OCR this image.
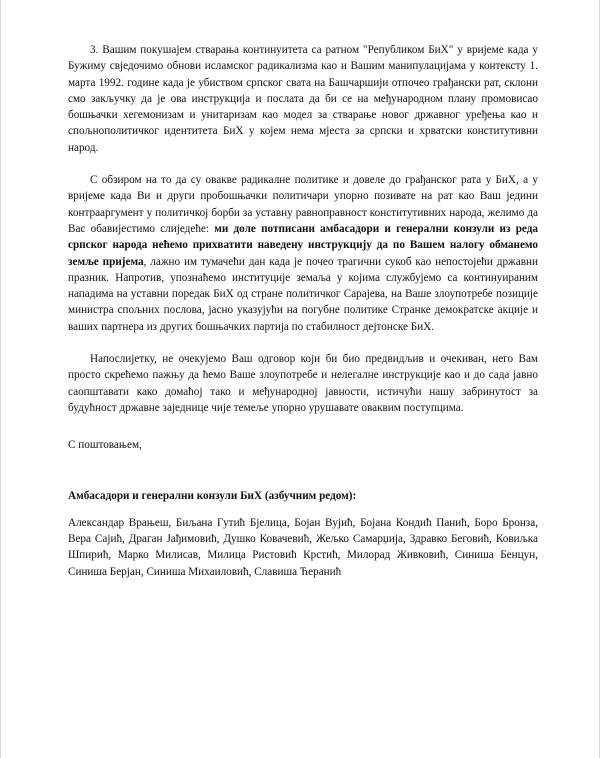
3. Вашим покушајем стварања континуитета са ратном "Републиком БиХ" у вријеме када у Бужиму свједочимо обнови исламског радикализма као и Вашим манипулацијама у контексту 1. марта 1992. године када је убиством српског свата на Башчаршији отпочео грађански рат, склони смо закључку да је ова инструкција и послата да би се на међународном плану промовисао бошњачки хегемонизам и унитаризам као модел за стварање новог државног уређења као и спољнополитичког идентитета БиХ у којем нема мјеста за српски и хрватски конститутивни народ.

С обзиром на то да су овакве радикалне политике и довеле до грађанског рата у БиХ, а у вријеме када Ви и други пробошњачки политичари упорно позивате на рат као Ваш једини контрааргумент у политичкој борби за уставну равноправност конститутивних народа, желимо да Вас обавијестимо слиједеће: ми доле потписани амбасадори и генерални конзули из реда српског народа нећемо прихватити наведену инструкцију да по Вашем налогу обманемо земље пријема, лажно им тумачећи дан када је почео трагични сукоб као непостојећи државни празник. Напротив, упознаћемо институције земаља у којима службујемо са континуираним нападима на уставни поредак БиХ од стране политичког Сарајева, на Ваше злоупотребе позиције министра спољних послова, јасно указујући на погубне политике Странке демократске акције и ваших партнера из других бошњачких партија по стабилност дејтонске БиХ.

Напослијетку, не очекујемо Ваш одговор који би био предвидљив и очекиван, него Вам просто скрећемо пажњу да ћемо Ваше злоупотребе и нелегалне инструкције као и до сада јавно саопштавати како домаћој тако и међународној јавности, истичући нашу забринутост за будућност државне заједнице чије темеље упорно урушавате оваквим поступцима.

С поштовањем,

Амбасадори и генерални конзули БиХ (азбучним редом):

Александар Врањеш, Биљана Гутић Бјелица, Бојан Вујић, Бојана Кондић Панић, Боро Бронза, Вера Сајић, Драган Јађимовић, Душко Ковачевић, Жељко Самарџија, Здравко Беговић, Ковиљка Шпирић, Марко Милисав, Милица Ристовић Крстић, Милорад Живковић, Синиша Бенцун, Синиша Берјан, Синиша Михаиловић, Славиша Ћеранић
